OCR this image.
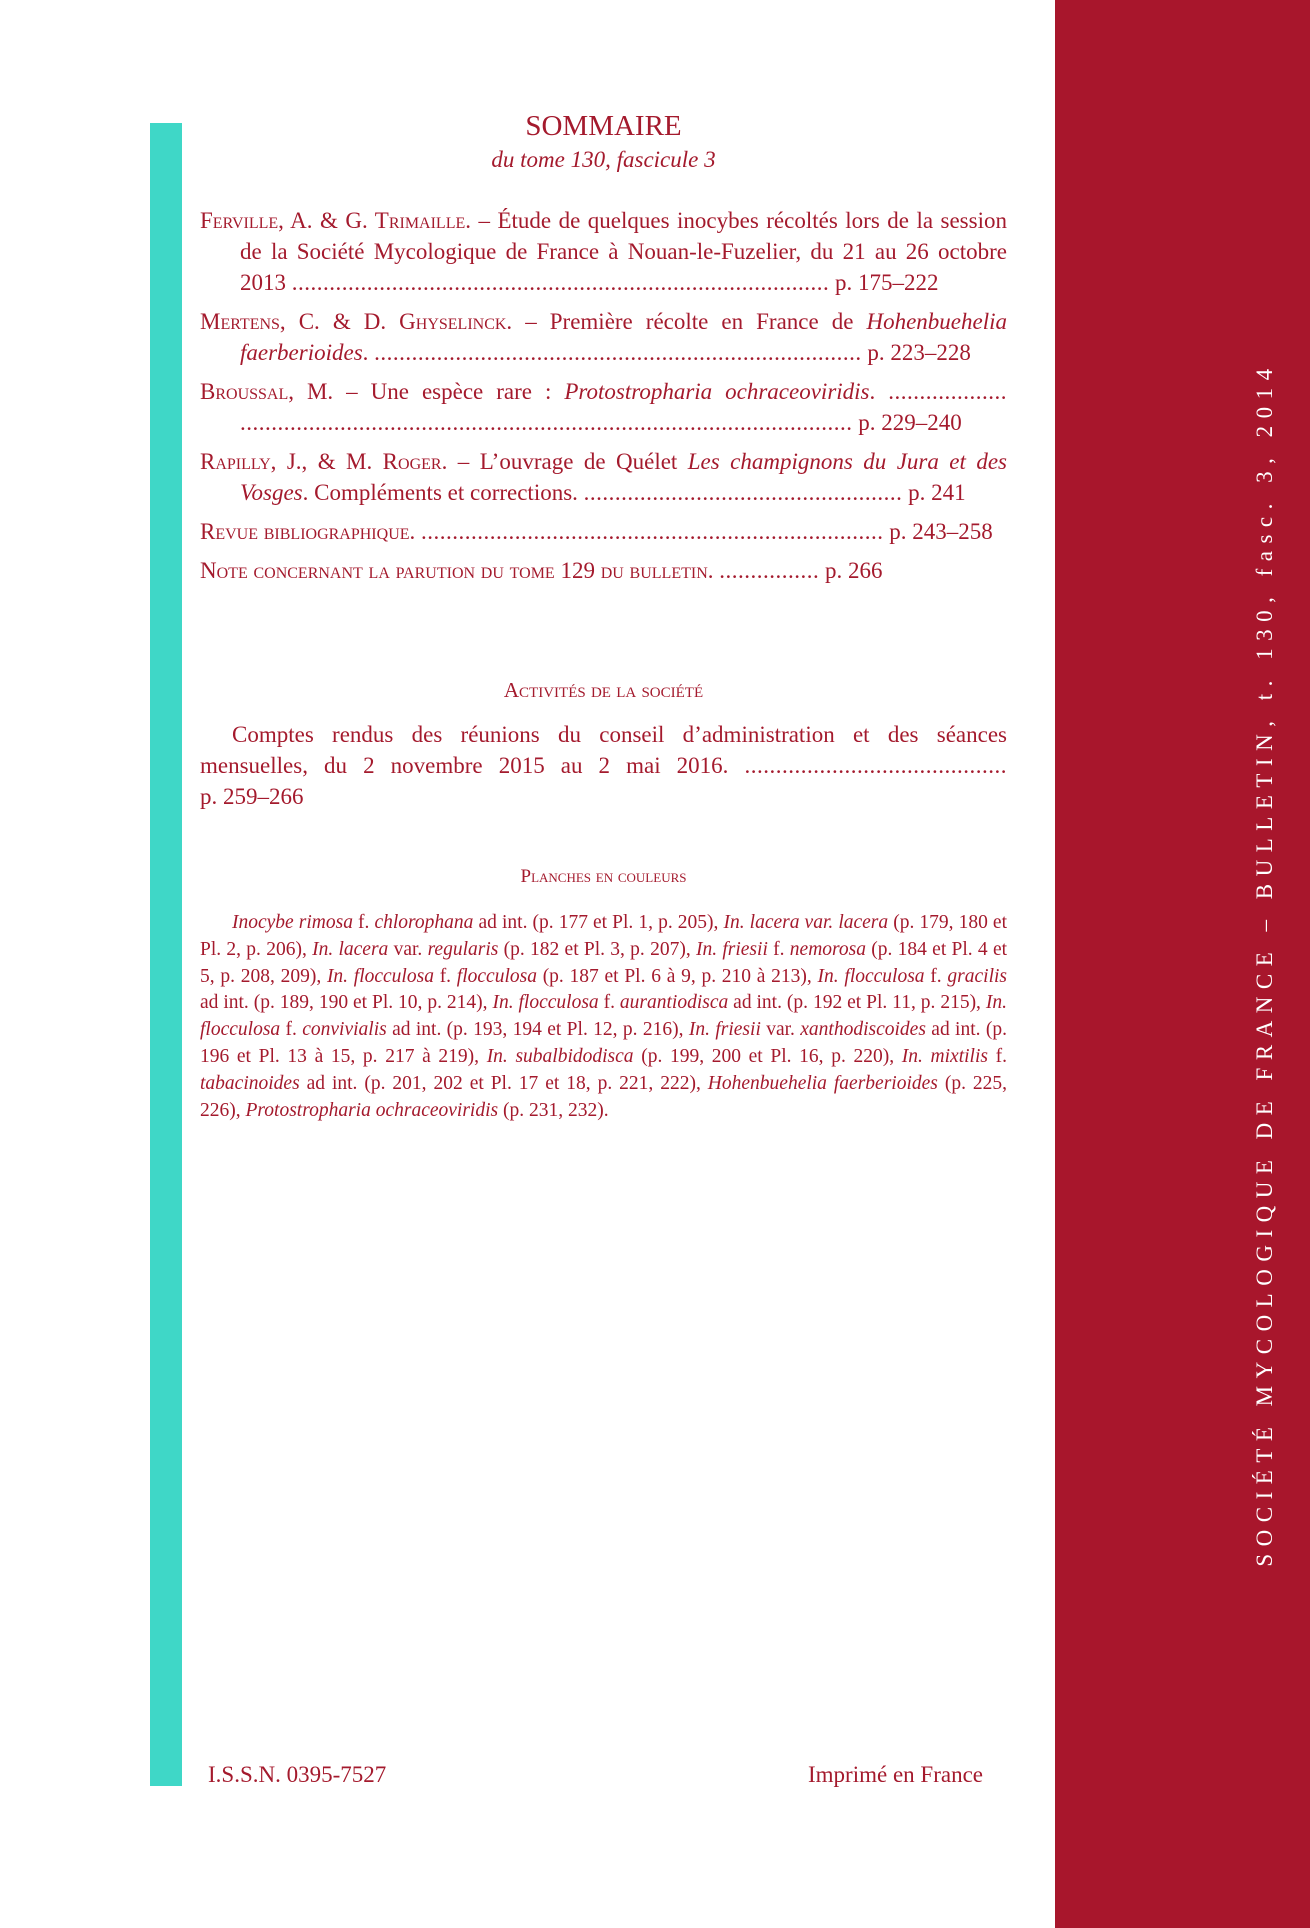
SOCIÉTÉ MYCOLOGIQUE DE FRANCE – BULLETIN, t. 130, fasc. 3, 2014
SOMMAIRE
du tome 130, fascicule 3
Ferville, A. & G. Trimaille. – Étude de quelques inocybes récoltés lors de la session de la Société Mycologique de France à Nouan-le-Fuzelier, du 21 au 26 octobre 2013 ...................................................................................... p. 175–222
Mertens, C. & D. Ghyselinck. – Première récolte en France de Hohenbuehelia faerberioides. .............................................................................. p. 223–228
Broussal, M. – Une espèce rare : Protostropharia ochraceoviridis. ................... .................................................................................................. p. 229–240
Rapilly, J., & M. Roger. – L’ouvrage de Quélet Les champignons du Jura et des Vosges. Compléments et corrections. ................................................... p. 241
Revue bibliographique. .......................................................................... p. 243–258
Note concernant la parution du tome 129 du bulletin. ................ p. 266
Activités de la société

Comptes rendus des réunions du conseil d’administration et des séances mensuelles, du 2 novembre 2015 au 2 mai 2016. .......................................... p. 259–266

Planches en couleurs

Inocybe rimosa f. chlorophana ad int. (p. 177 et Pl. 1, p. 205), In. lacera var. lacera (p. 179, 180 et Pl. 2, p. 206), In. lacera var. regularis (p. 182 et Pl. 3, p. 207), In. friesii f. nemorosa (p. 184 et Pl. 4 et 5, p. 208, 209), In. flocculosa f. flocculosa (p. 187 et Pl. 6 à 9, p. 210 à 213), In. flocculosa f. gracilis ad int. (p. 189, 190 et Pl. 10, p. 214), In. flocculosa f. aurantiodisca ad int. (p. 192 et Pl. 11, p. 215), In. flocculosa f. convivialis ad int. (p. 193, 194 et Pl. 12, p. 216), In. friesii var. xanthodiscoides ad int. (p. 196 et Pl. 13 à 15, p. 217 à 219), In. subalbidodisca (p. 199, 200 et Pl. 16, p. 220), In. mixtilis f. tabacinoides ad int. (p. 201, 202 et Pl. 17 et 18, p. 221, 222), Hohenbuehelia faerberioides (p. 225, 226), Protostropharia ochraceoviridis (p. 231, 232).

I.S.S.N. 0395-7527	Imprimé en France
